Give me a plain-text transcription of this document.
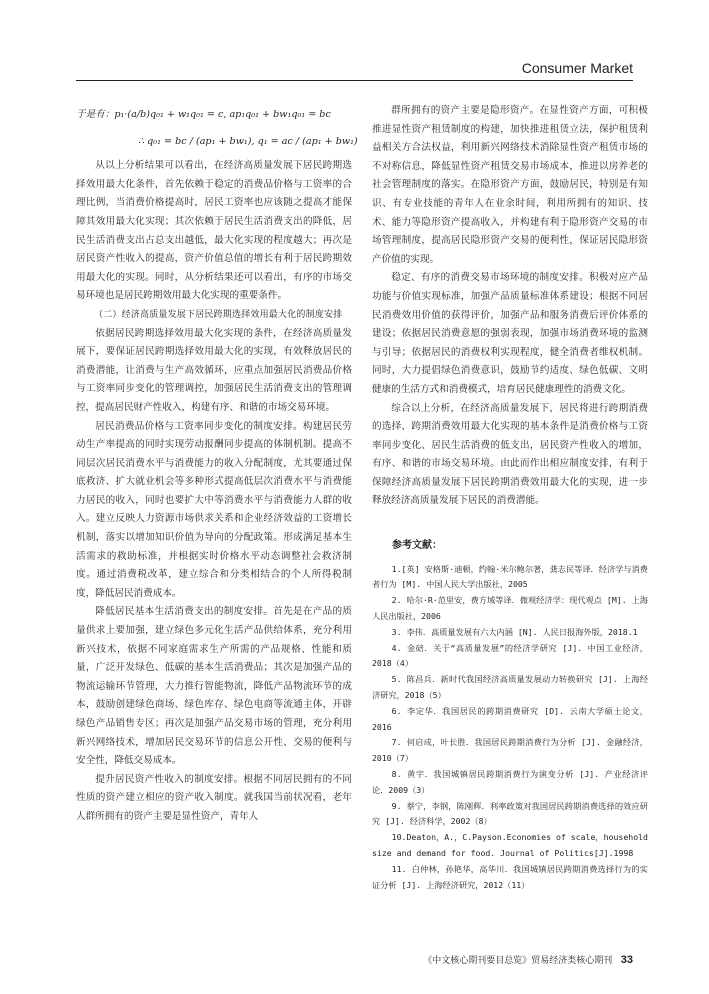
Consumer Market
于是有：p₁·(a/b)q₀₁ + w₁q₀₁ = c, ap₁q₀₁ + bw₁q₀₁ = bc
∴ q₀₁ = bc / (ap₁ + bw₁), q₁ = ac / (ap₁ + bw₁)

从以上分析结果可以看出，在经济高质量发展下居民跨期选择效用最大化条件，首先依赖于稳定的消费品价格与工资率的合理比例，当消费价格提高时，居民工资率也应该随之提高才能保障其效用最大化实现；其次依赖于居民生活消费支出的降低，居民生活消费支出占总支出越低，最大化实现的程度越大；再次是居民资产性收入的提高，资产价值总值的增长有利于居民跨期效用最大化的实现。同时，从分析结果还可以看出，有序的市场交易环境也是居民跨期效用最大化实现的重要条件。

（二）经济高质量发展下居民跨期选择效用最大化的制度安排

依据居民跨期选择效用最大化实现的条件，在经济高质量发展下，要保证居民跨期选择效用最大化的实现，有效释放居民的消费潜能，让消费与生产高效循环，应重点加强居民消费品价格与工资率同步变化的管理调控，加强居民生活消费支出的管理调控，提高居民财产性收入，构建有序、和谐的市场交易环境。

居民消费品价格与工资率同步变化的制度安排。构建居民劳动生产率提高的同时实现劳动报酬同步提高的体制机制。提高不同层次居民消费水平与消费能力的收入分配制度，尤其要通过保底救济、扩大就业机会等多种形式提高低层次消费水平与消费能力居民的收入，同时也要扩大中等消费水平与消费能力人群的收入。建立反映人力资源市场供求关系和企业经济效益的工资增长机制，落实以增加知识价值为导向的分配政策。形成满足基本生活需求的救助标准，并根据实时价格水平动态调整社会救济制度。通过消费税改革，建立综合和分类相结合的个人所得税制度，降低居民消费成本。

降低居民基本生活消费支出的制度安排。首先是在产品的质量供求上要加强，建立绿色多元化生活产品供给体系，充分利用新兴技术，依据不同家庭需求生产所需的产品规格、性能和质量，广泛开发绿色、低碳的基本生活消费品；其次是加强产品的物流运输环节管理，大力推行智能物流，降低产品物流环节的成本，鼓励创建绿色商场、绿色库存、绿色电商等流通主体，开辟绿色产品销售专区；再次是加强产品交易市场的管理，充分利用新兴网络技术，增加居民交易环节的信息公开性、交易的便利与安全性，降低交易成本。

提升居民资产性收入的制度安排。根据不同居民拥有的不同性质的资产建立相应的资产收入制度。就我国当前状况看，老年人群所拥有的资产主要是显性资产，青年人

群所拥有的资产主要是隐形资产。在显性资产方面，可积极推进显性资产租赁制度的构建，加快推进租赁立法，保护租赁利益相关方合法权益，利用新兴网络技术消除显性资产租赁市场的不对称信息，降低显性资产租赁交易市场成本，推进以房养老的社会管理制度的落实。在隐形资产方面，鼓励居民，特别是有知识、有专业技能的青年人在业余时间，利用所拥有的知识、技术、能力等隐形资产提高收入，并构建有利于隐形资产交易的市场管理制度，提高居民隐形资产交易的便利性，保证居民隐形资产价值的实现。

稳定、有序的消费交易市场环境的制度安排。积极对应产品功能与价值实现标准，加强产品质量标准体系建设；根据不同居民消费效用价值的获得评价，加强产品和服务消费后评价体系的建设；依据居民消费意愿的强弱表现，加强市场消费环境的监测与引导；依据居民的消费权利实现程度，健全消费者维权机制。同时，大力提倡绿色消费意识，鼓励节约适度、绿色低碳、文明健康的生活方式和消费模式，培育居民健康理性的消费文化。

综合以上分析，在经济高质量发展下，居民将进行跨期消费的选择，跨期消费效用最大化实现的基本条件是消费价格与工资率同步变化、居民生活消费的低支出，居民资产性收入的增加，有序、和谐的市场交易环境。由此而作出相应制度安排，有利于保障经济高质量发展下居民跨期消费效用最大化的实现，进一步释放经济高质量发展下居民的消费潜能。

参考文献：

1.[英] 安格斯·迪顿，约翰·米尔鲍尔著，龚志民等译．经济学与消费者行为 [M]. 中国人民大学出版社，2005

2. 哈尔·R·范里安，费方域等译．微观经济学：现代观点 [M]. 上海人民出版社，2006

3. 李伟．高质量发展有六大内涵 [N]. 人民日报海外版，2018.1

4. 金碚．关于“高质量发展”的经济学研究 [J]. 中国工业经济，2018（4）

5. 陈昌兵．新时代我国经济高质量发展动力转换研究 [J]. 上海经济研究，2018（5）

6. 李定华．我国居民的跨期消费研究 [D]. 云南大学硕士论文，2016

7. 何启成，叶长胜．我国居民跨期消费行为分析 [J]. 金融经济，2010（7）

8. 黄宇．我国城镇居民跨期消费行为演变分析 [J]. 产业经济评论．2009（3）

9. 蔡宁，李钢，陈刚辉．利率政策对我国居民跨期消费选择的效应研究 [J]. 经济科学，2002（8）

10.Deaton，A.，C.Payson.Economies of scale，household size and demand for food. Journal of Politics[J].1998

11. 白仲林，孙艳华，高华川．我国城镇居民跨期消费选择行为的实证分析 [J]. 上海经济研究，2012（11）

《中文核心期刊要目总览》贸易经济类核心期刊 33
